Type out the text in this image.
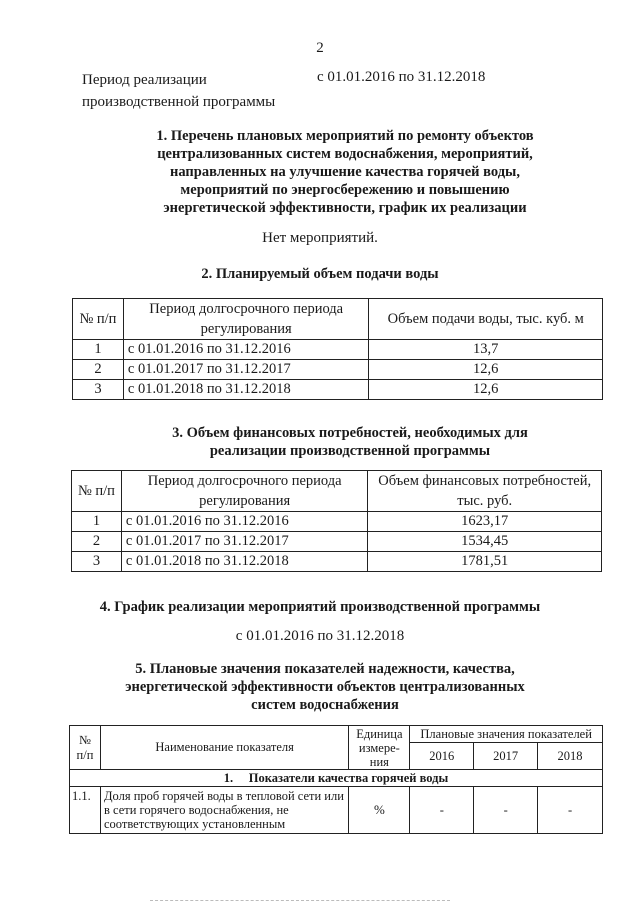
2
Период реализации производственной программы
с 01.01.2016 по 31.12.2018
1. Перечень плановых мероприятий по ремонту объектов централизованных систем водоснабжения, мероприятий, направленных на улучшение качества горячей воды, мероприятий по энергосбережению и повышению энергетической эффективности, график их реализации
Нет мероприятий.
2. Планируемый объем подачи воды
№ п/п	Период долгосрочного периода регулирования	Объем подачи воды, тыс. куб. м
1	с 01.01.2016 по 31.12.2016	13,7
2	с 01.01.2017 по 31.12.2017	12,6
3	с 01.01.2018 по 31.12.2018	12,6
3. Объем финансовых потребностей, необходимых для реализации производственной программы
№ п/п	Период долгосрочного периода регулирования	Объем финансовых потребностей, тыс. руб.
1	с 01.01.2016 по 31.12.2016	1623,17
2	с 01.01.2017 по 31.12.2017	1534,45
3	с 01.01.2018 по 31.12.2018	1781,51
4. График реализации мероприятий производственной программы
с 01.01.2016 по 31.12.2018
5. Плановые значения показателей надежности, качества, энергетической эффективности объектов централизованных систем водоснабжения
№ п/п	Наименование показателя	Единица измере-ния	Плановые значения показателей		
			2016	2017	2018
1. Показатели качества горячей воды					
1.1.	Доля проб горячей воды в тепловой сети или в сети горячего водоснабжения, не соответствующих установленным	%	-	-	-
